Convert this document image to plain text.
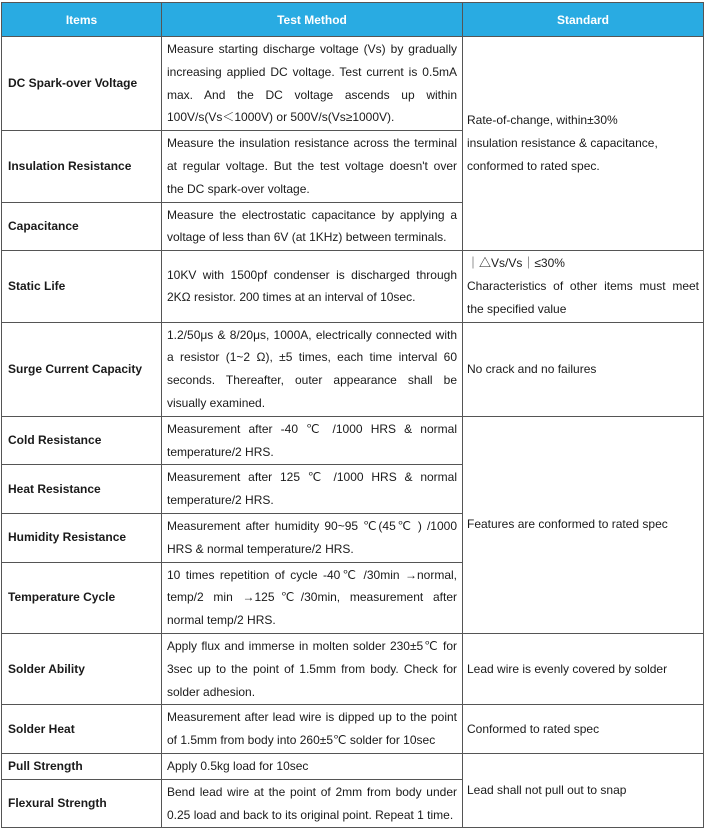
Items	Test Method	Standard
DC Spark-over Voltage	Measure starting discharge voltage (Vs) by gradually increasing applied DC voltage. Test current is 0.5mA max. And the DC voltage ascends up within 100V/s(Vs＜1000V) or 500V/s(Vs≥1000V).	Rate-of-change, within±30%
insulation resistance & capacitance,
conformed to rated spec.

Insulation Resistance	Measure the insulation resistance across the terminal at regular voltage. But the test voltage doesn't over the DC spark-over voltage.	
Capacitance	Measure the electrostatic capacitance by applying a voltage of less than 6V (at 1KHz) between terminals.	
Static Life	10KV with 1500pf condenser is discharged through 2KΩ resistor. 200 times at an interval of 10sec.	｜△Vs/Vs｜≤30%
Characteristics of other items must meet the specified value

Surge Current Capacity	1.2/50μs & 8/20μs, 1000A, electrically connected with a resistor (1~2 Ω), ±5 times, each time interval 60 seconds. Thereafter, outer appearance shall be visually examined.	No crack and no failures
Cold Resistance	Measurement after -40 ℃ /1000 HRS & normal temperature/2 HRS.	Features are conformed to rated spec
Heat Resistance	Measurement after 125 ℃ /1000 HRS & normal temperature/2 HRS.	
Humidity Resistance	Measurement after humidity 90~95 ℃(45℃ ) /1000 HRS & normal temperature/2 HRS.	
Temperature Cycle	10 times repetition of cycle -40℃ /30min →normal, temp/2 min →125℃/30min, measurement after normal temp/2 HRS.	
Solder Ability	Apply flux and immerse in molten solder 230±5℃ for 3sec up to the point of 1.5mm from body. Check for solder adhesion.	Lead wire is evenly covered by solder
Solder Heat	Measurement after lead wire is dipped up to the point of 1.5mm from body into 260±5℃ solder for 10sec	Conformed to rated spec
Pull Strength	Apply 0.5kg load for 10sec	Lead shall not pull out to snap
Flexural Strength	Bend lead wire at the point of 2mm from body under 0.25 load and back to its original point. Repeat 1 time.	
